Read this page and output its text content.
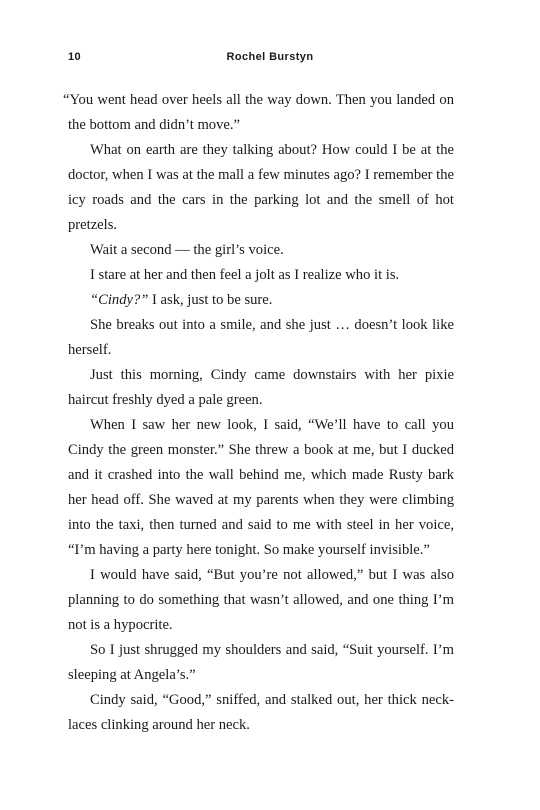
10	Rochel Burstyn

“You went head over heels all the way down. Then you landed on the bottom and didn’t move.”

What on earth are they talking about? How could I be at the doctor, when I was at the mall a few minutes ago? I remember the icy roads and the cars in the parking lot and the smell of hot pretzels.

Wait a second — the girl’s voice.

I stare at her and then feel a jolt as I realize who it is.

“Cindy?” I ask, just to be sure.

She breaks out into a smile, and she just … doesn’t look like herself.

Just this morning, Cindy came downstairs with her pixie haircut freshly dyed a pale green.

When I saw her new look, I said, “We’ll have to call you Cindy the green monster.” She threw a book at me, but I ducked and it crashed into the wall behind me, which made Rusty bark her head off. She waved at my parents when they were climbing into the taxi, then turned and said to me with steel in her voice, “I’m having a party here tonight. So make yourself invisible.”

I would have said, “But you’re not allowed,” but I was also planning to do something that wasn’t allowed, and one thing I’m not is a hypocrite.

So I just shrugged my shoulders and said, “Suit yourself. I’m sleeping at Angela’s.”

Cindy said, “Good,” sniffed, and stalked out, her thick neck-laces clinking around her neck.
